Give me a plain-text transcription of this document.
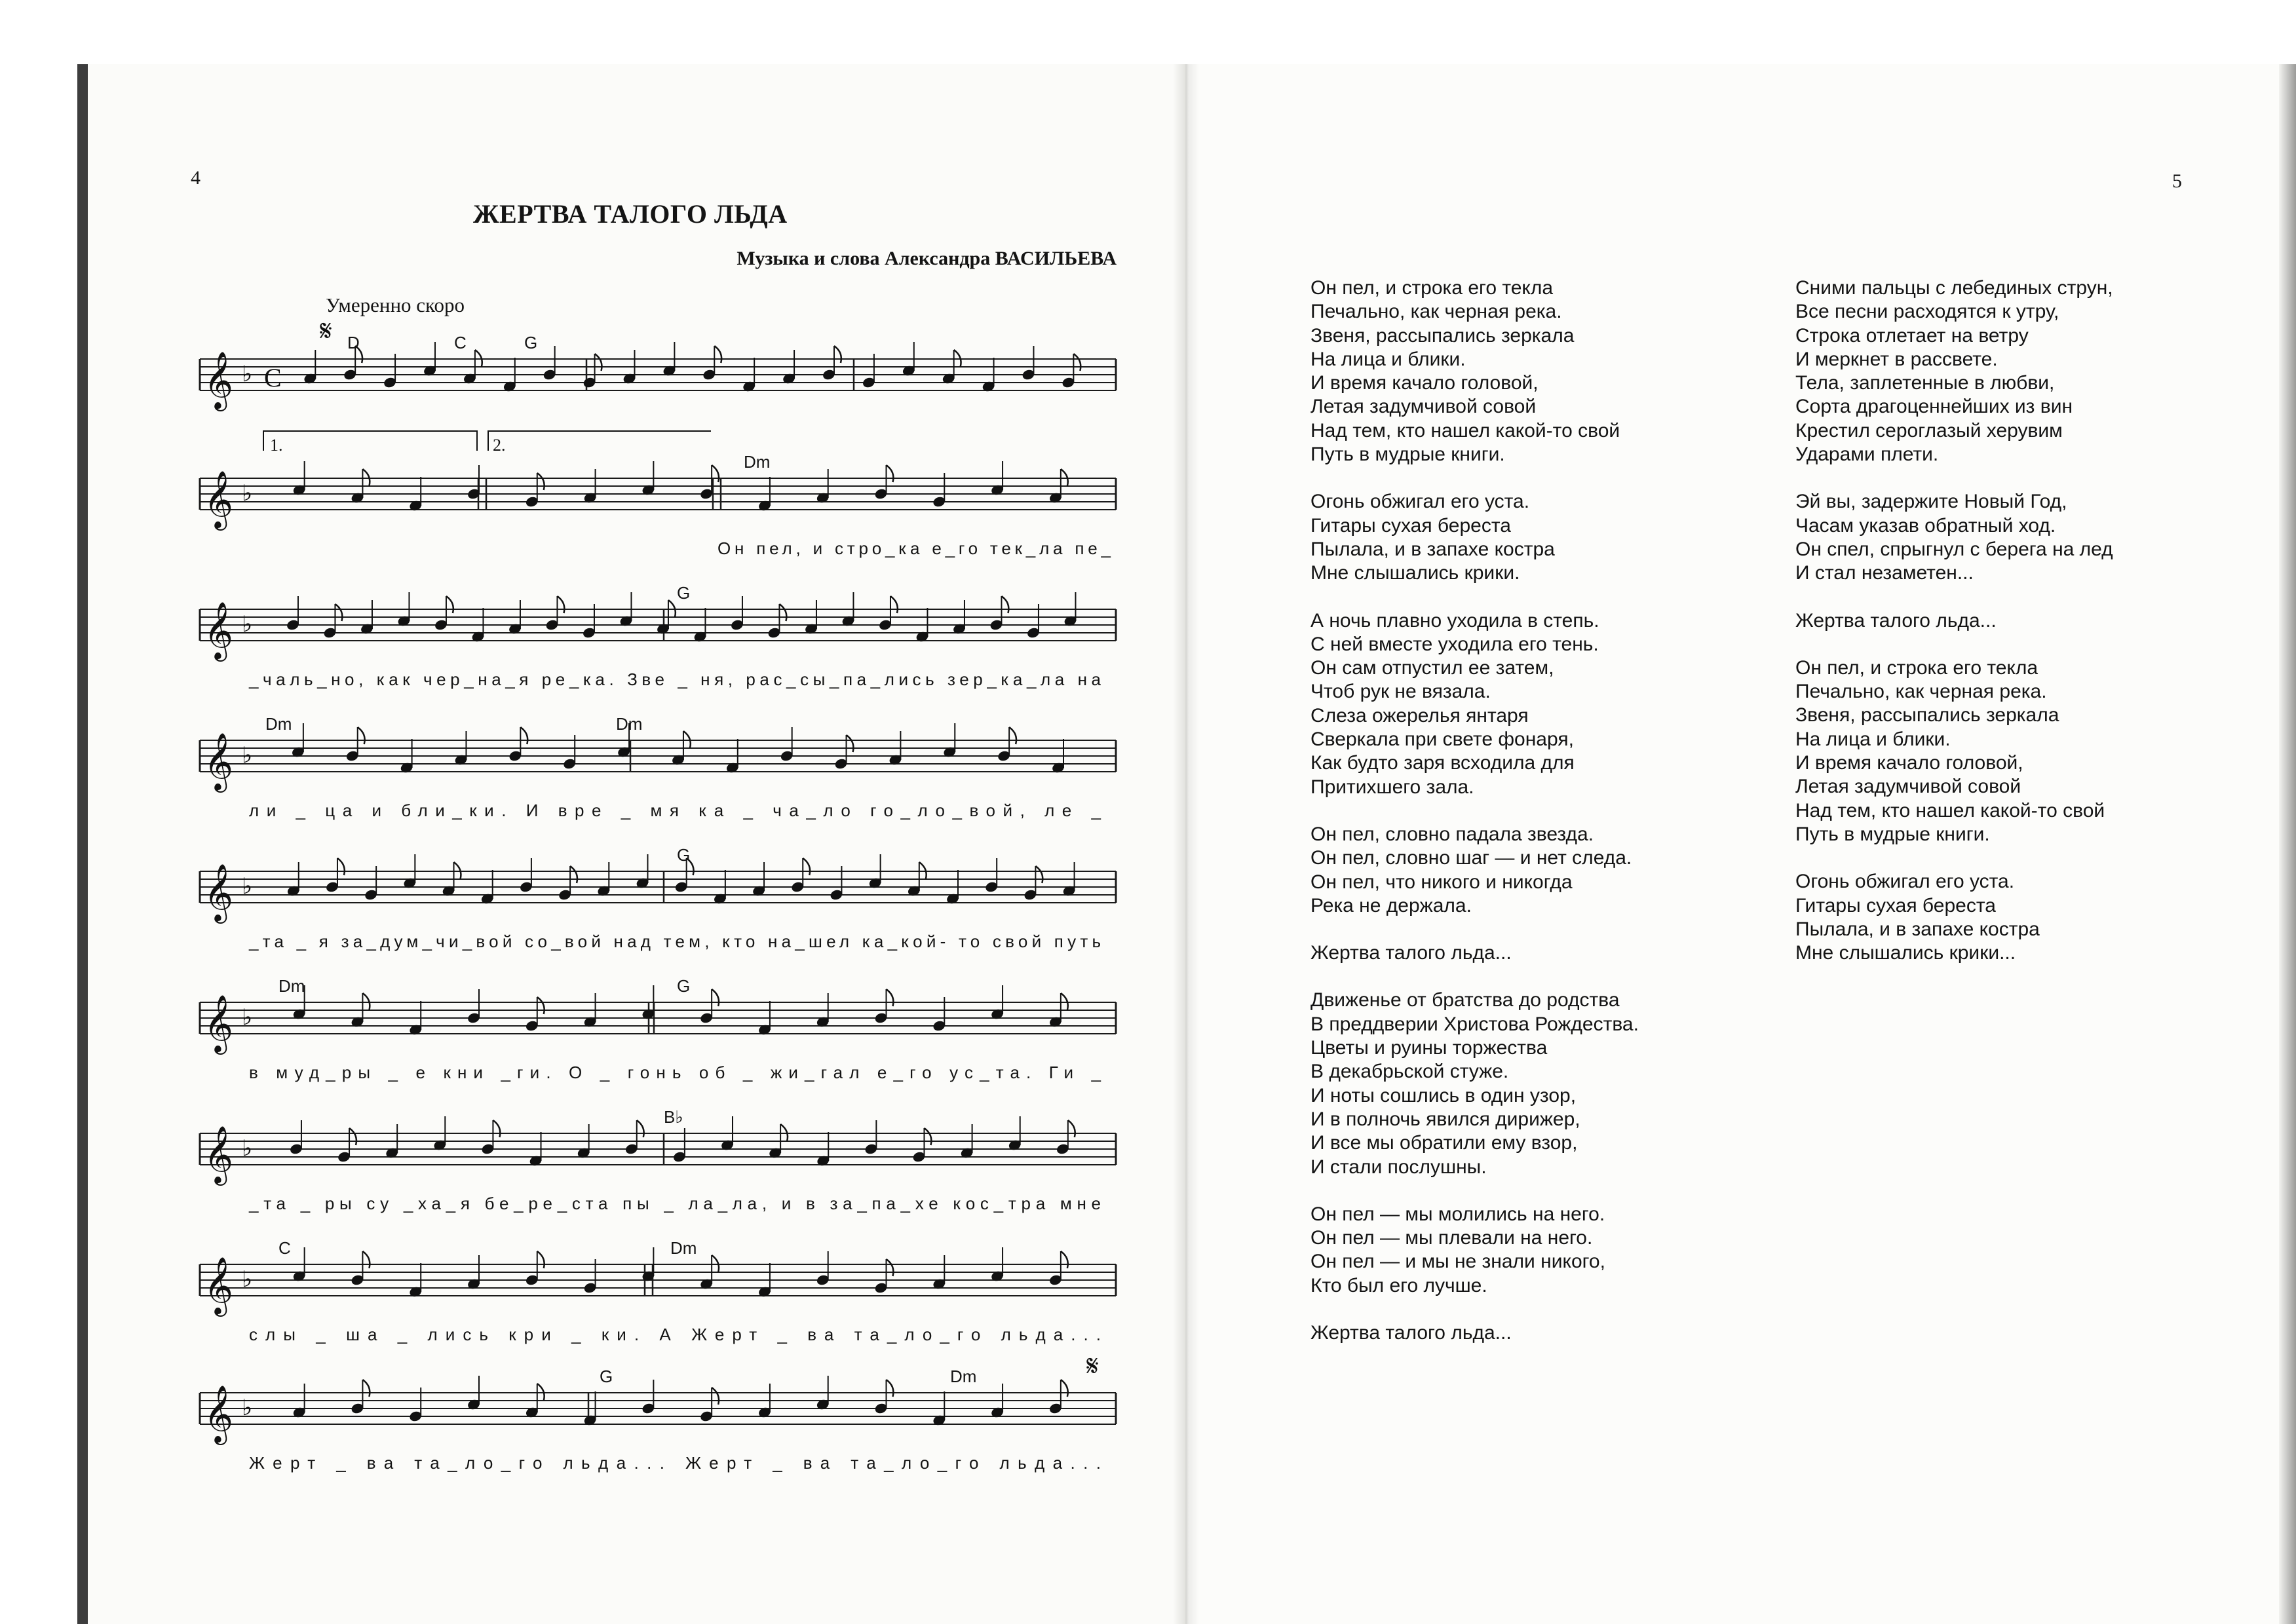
4	5
ЖЕРТВА ТАЛОГО ЛЬДА
Музыка и слова Александра ВАСИЛЬЕВА
Умеренно скоро
𝄞 ♭ C
D	C	G
𝄞 ♭
Dm
1.	2.
Он пел, и стро_ка е_го тек_ла пе_
𝄞 ♭
G
_чаль_но, как чер_на_я ре_ка. Зве _ ня, рас_сы_па_лись зер_ка_ла на
𝄞 ♭
Dm	Dm
ли _ ца и бли_ки. И вре _ мя ка _ ча_ло го_ло_вой, ле _
𝄞 ♭
G
_та _ я за_дум_чи_вой со_вой над тем, кто на_шел ка_кой- то свой путь
𝄞 ♭
Dm	G
в муд_ры _ е кни _ги. О _ гонь об _ жи_гал е_го ус_та. Ги _
𝄞 ♭
B♭
_та _ ры су _ха_я бе_ре_ста пы _ ла_ла, и в за_па_хе кос_тра мне
𝄞 ♭
C	Dm
слы _ ша _ лись кри _ ки. А Жерт _ ва та_ло_го льда...
𝄞 ♭
G	Dm
Жерт _ ва та_ло_го льда... Жерт _ ва та_ло_го льда...
𝄋
𝄋
Он пел, и строка его текла
Печально, как черная река.
Звеня, рассыпались зеркала
На лица и блики.
И время качало головой,
Летая задумчивой совой
Над тем, кто нашел какой-то свой
Путь в мудрые книги.
Огонь обжигал его уста.
Гитары сухая береста
Пылала, и в запахе костра
Мне слышались крики.
А ночь плавно уходила в степь.
С ней вместе уходила его тень.
Он сам отпустил ее затем,
Чтоб рук не вязала.
Слеза ожерелья янтаря
Сверкала при свете фонаря,
Как будто заря всходила для
Притихшего зала.
Он пел, словно падала звезда.
Он пел, словно шаг — и нет следа.
Он пел, что никого и никогда
Река не держала.
Жертва талого льда...
Движенье от братства до родства
В преддверии Христова Рождества.
Цветы и руины торжества
В декабрьской стуже.
И ноты сошлись в один узор,
И в полночь явился дирижер,
И все мы обратили ему взор,
И стали послушны.
Он пел — мы молились на него.
Он пел — мы плевали на него.
Он пел — и мы не знали никого,
Кто был его лучше.
Жертва талого льда...
Сними пальцы с лебединых струн,
Все песни расходятся к утру,
Строка отлетает на ветру
И меркнет в рассвете.
Тела, заплетенные в любви,
Сорта драгоценнейших из вин
Крестил сероглазый херувим
Ударами плети.
Эй вы, задержите Новый Год,
Часам указав обратный ход.
Он спел, спрыгнул с берега на лед
И стал незаметен...
Жертва талого льда...
Он пел, и строка его текла
Печально, как черная река.
Звеня, рассыпались зеркала
На лица и блики.
И время качало головой,
Летая задумчивой совой
Над тем, кто нашел какой-то свой
Путь в мудрые книги.
Огонь обжигал его уста.
Гитары сухая береста
Пылала, и в запахе костра
Мне слышались крики...
